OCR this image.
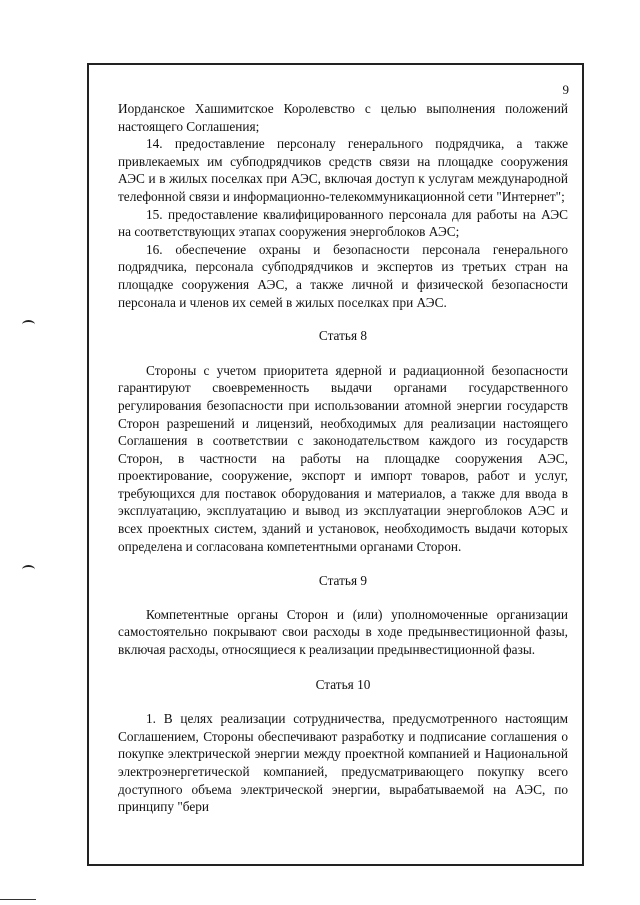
9

Иорданское Хашимитское Королевство с целью выполнения положений настоящего Соглашения;

14. предоставление персоналу генерального подрядчика, а также привлекаемых им субподрядчиков средств связи на площадке сооружения АЭС и в жилых поселках при АЭС, включая доступ к услугам международной телефонной связи и информационно-телекоммуникационной сети "Интернет";

15. предоставление квалифицированного персонала для работы на АЭС на соответствующих этапах сооружения энергоблоков АЭС;

16. обеспечение охраны и безопасности персонала генерального подрядчика, персонала субподрядчиков и экспертов из третьих стран на площадке сооружения АЭС, а также личной и физической безопасности персонала и членов их семей в жилых поселках при АЭС.

Статья 8

Стороны с учетом приоритета ядерной и радиационной безопасности гарантируют своевременность выдачи органами государственного регулирования безопасности при использовании атомной энергии государств Сторон разрешений и лицензий, необходимых для реализации настоящего Соглашения в соответствии с законодательством каждого из государств Сторон, в частности на работы на площадке сооружения АЭС, проектирование, сооружение, экспорт и импорт товаров, работ и услуг, требующихся для поставок оборудования и материалов, а также для ввода в эксплуатацию, эксплуатацию и вывод из эксплуатации энергоблоков АЭС и всех проектных систем, зданий и установок, необходимость выдачи которых определена и согласована компетентными органами Сторон.

Статья 9

Компетентные органы Сторон и (или) уполномоченные организации самостоятельно покрывают свои расходы в ходе предынвестиционной фазы, включая расходы, относящиеся к реализации предынвестиционной фазы.

Статья 10

1. В целях реализации сотрудничества, предусмотренного настоящим Соглашением, Стороны обеспечивают разработку и подписание соглашения о покупке электрической энергии между проектной компанией и Национальной электроэнергетической компанией, предусматривающего покупку всего доступного объема электрической энергии, вырабатываемой на АЭС, по принципу "бери
